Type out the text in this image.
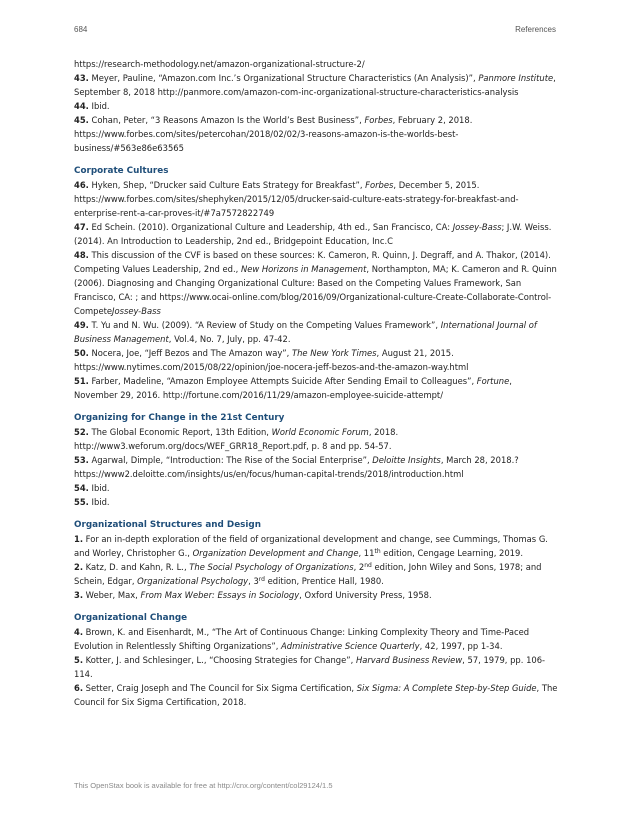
684	References

https://research-methodology.net/amazon-organizational-structure-2/

43. Meyer, Pauline, “Amazon.com Inc.’s Organizational Structure Characteristics (An Analysis)”, Panmore Institute, September 8, 2018 http://panmore.com/amazon-com-inc-organizational-structure-characteristics-analysis

44. Ibid.

45. Cohan, Peter, “3 Reasons Amazon Is the World’s Best Business”, Forbes, February 2, 2018. https://www.forbes.com/sites/petercohan/2018/02/02/3-reasons-amazon-is-the-worlds-best-business/#563e86e63565

Corporate Cultures

46. Hyken, Shep, “Drucker said Culture Eats Strategy for Breakfast”, Forbes, December 5, 2015. https://www.forbes.com/sites/shephyken/2015/12/05/drucker-said-culture-eats-strategy-for-breakfast-and-enterprise-rent-a-car-proves-it/#7a7572822749

47. Ed Schein. (2010). Organizational Culture and Leadership, 4th ed., San Francisco, CA: Jossey-Bass; J.W. Weiss. (2014). An Introduction to Leadership, 2nd ed., Bridgepoint Education, Inc.C

48. This discussion of the CVF is based on these sources: K. Cameron, R. Quinn, J. Degraff, and A. Thakor, (2014). Competing Values Leadership, 2nd ed., New Horizons in Management, Northampton, MA; K. Cameron and R. Quinn (2006). Diagnosing and Changing Organizational Culture: Based on the Competing Values Framework, San Francisco, CA: ; and https://www.ocai-online.com/blog/2016/09/Organizational-culture-Create-Collaborate-Control-CompeteJossey-Bass

49. T. Yu and N. Wu. (2009). “A Review of Study on the Competing Values Framework”, International Journal of Business Management, Vol.4, No. 7, July, pp. 47-42.

50. Nocera, Joe, “Jeff Bezos and The Amazon way”, The New York Times, August 21, 2015. https://www.nytimes.com/2015/08/22/opinion/joe-nocera-jeff-bezos-and-the-amazon-way.html

51. Farber, Madeline, “Amazon Employee Attempts Suicide After Sending Email to Colleagues”, Fortune, November 29, 2016. http://fortune.com/2016/11/29/amazon-employee-suicide-attempt/

Organizing for Change in the 21st Century

52. The Global Economic Report, 13th Edition, World Economic Forum, 2018. http://www3.weforum.org/docs/WEF_GRR18_Report.pdf, p. 8 and pp. 54-57.

53. Agarwal, Dimple, “Introduction: The Rise of the Social Enterprise”, Deloitte Insights, March 28, 2018.? https://www2.deloitte.com/insights/us/en/focus/human-capital-trends/2018/introduction.html

54. Ibid.

55. Ibid.

Organizational Structures and Design

1. For an in-depth exploration of the field of organizational development and change, see Cummings, Thomas G. and Worley, Christopher G., Organization Development and Change, 11th edition, Cengage Learning, 2019.

2. Katz, D. and Kahn, R. L., The Social Psychology of Organizations, 2nd edition, John Wiley and Sons, 1978; and Schein, Edgar, Organizational Psychology, 3rd edition, Prentice Hall, 1980.

3. Weber, Max, From Max Weber: Essays in Sociology, Oxford University Press, 1958.

Organizational Change

4. Brown, K. and Eisenhardt, M., “The Art of Continuous Change: Linking Complexity Theory and Time-Paced Evolution in Relentlessly Shifting Organizations”, Administrative Science Quarterly, 42, 1997, pp 1-34.

5. Kotter, J. and Schlesinger, L., “Choosing Strategies for Change”, Harvard Business Review, 57, 1979, pp. 106-114.

6. Setter, Craig Joseph and The Council for Six Sigma Certification, Six Sigma: A Complete Step-by-Step Guide, The Council for Six Sigma Certification, 2018.

This OpenStax book is available for free at http://cnx.org/content/col29124/1.5
